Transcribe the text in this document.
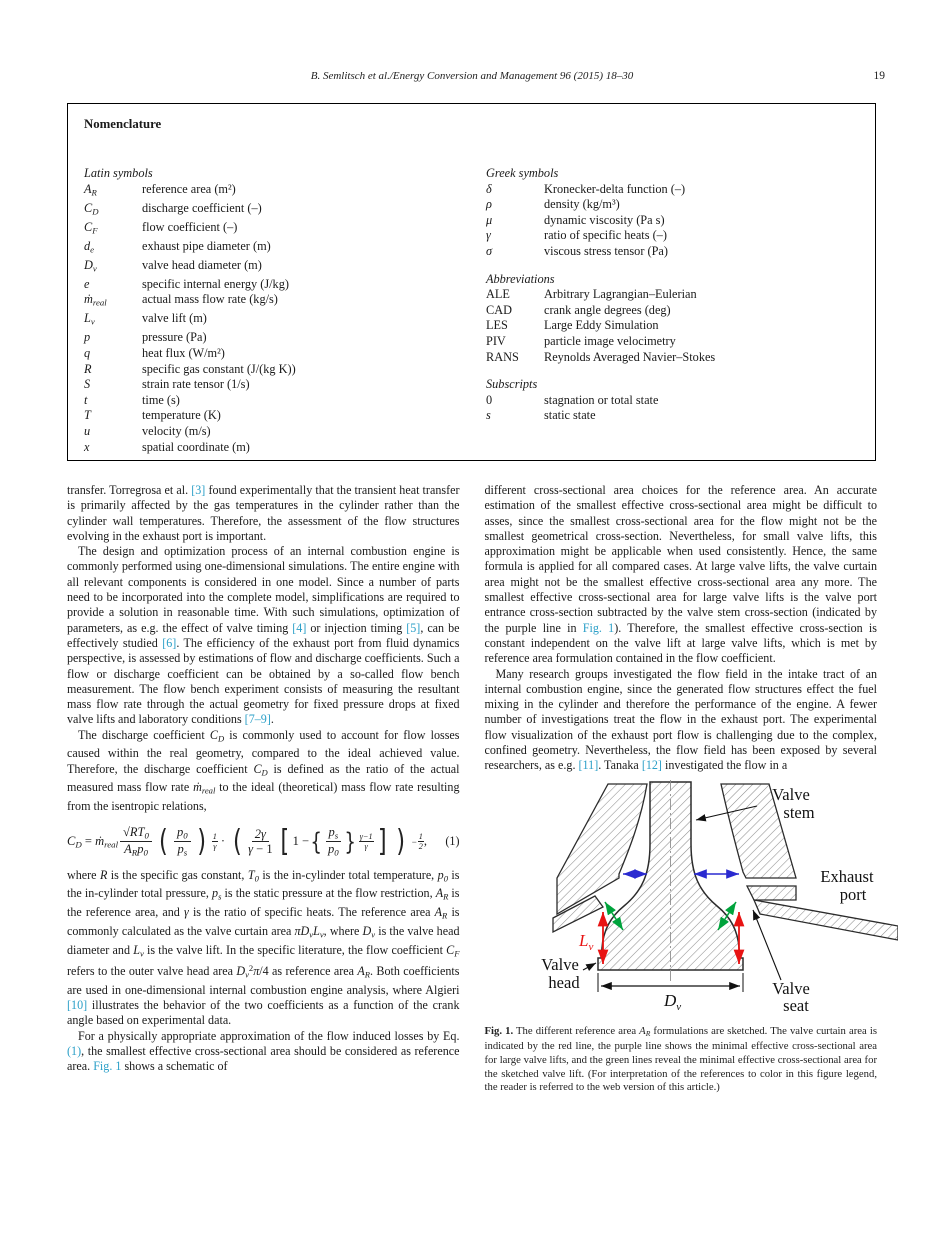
B. Semlitsch et al./Energy Conversion and Management 96 (2015) 18–30	19
Nomenclature
Latin symbols
AR	reference area (m²)
CD	discharge coefficient (–)
CF	flow coefficient (–)
de	exhaust pipe diameter (m)
Dv	valve head diameter (m)
e	specific internal energy (J/kg)
ṁreal	actual mass flow rate (kg/s)
Lv	valve lift (m)
p	pressure (Pa)
q	heat flux (W/m²)
R	specific gas constant (J/(kg K))
S	strain rate tensor (1/s)
t	time (s)
T	temperature (K)
u	velocity (m/s)
x	spatial coordinate (m)
Greek symbols
δ	Kronecker-delta function (–)
ρ	density (kg/m³)
μ	dynamic viscosity (Pa s)
γ	ratio of specific heats (–)
σ	viscous stress tensor (Pa)
Abbreviations
ALE	Arbitrary Lagrangian–Eulerian
CAD	crank angle degrees (deg)
LES	Large Eddy Simulation
PIV	particle image velocimetry
RANS	Reynolds Averaged Navier–Stokes
Subscripts
0	stagnation or total state
s	static state

transfer. Torregrosa et al. [3] found experimentally that the transient heat transfer is primarily affected by the gas temperatures in the cylinder rather than the cylinder wall temperatures. Therefore, the assessment of the flow structures evolving in the exhaust port is important.

The design and optimization process of an internal combustion engine is commonly performed using one-dimensional simulations. The entire engine with all relevant components is considered in one model. Since a number of parts need to be incorporated into the complete model, simplifications are required to provide a solution in reasonable time. With such simulations, optimization of parameters, as e.g. the effect of valve timing [4] or injection timing [5], can be effectively studied [6]. The efficiency of the exhaust port from fluid dynamics perspective, is assessed by estimations of flow and discharge coefficients. Such a flow or discharge coefficient can be obtained by a so-called flow bench measurement. The flow bench experiment consists of measuring the resultant mass flow rate through the actual geometry for fixed pressure drops at fixed valve lifts and laboratory conditions [7–9].

The discharge coefficient CD is commonly used to account for flow losses caused within the real geometry, compared to the ideal achieved value. Therefore, the discharge coefficient CD is defined as the ratio of the actual measured mass flow rate ṁreal to the ideal (theoretical) mass flow rate resulting from the isentropic relations,

CD = ṁreal $\frac{√RT0}{\text{ARp0}}$ ( $\frac{p0}{ps}$ ) 1
γ · ( $\frac{2\gamma}{\gamma - 1}$ [ 1 − { $\frac{ps}{p0}$ } γ−1
γ ] ) − $\frac{1}{2}$ , (1)

where R is the specific gas constant, T0 is the in-cylinder total temperature, p0 is the in-cylinder total pressure, ps is the static pressure at the flow restriction, AR is the reference area, and γ is the ratio of specific heats. The reference area AR is commonly calculated as the valve curtain area πDvLv, where Dv is the valve head diameter and Lv is the valve lift. In the specific literature, the flow coefficient CF refers to the outer valve head area Dv$^2$π/4 as reference area AR. Both coefficients are used in one-dimensional internal combustion engine analysis, where Algieri [10] illustrates the behavior of the two coefficients as a function of the crank angle based on experimental data.

For a physically appropriate approximation of the flow induced losses by Eq. (1), the smallest effective cross-sectional area should be considered as reference area. Fig. 1 shows a schematic of

different cross-sectional area choices for the reference area. An accurate estimation of the smallest effective cross-sectional area might be difficult to asses, since the smallest cross-sectional area for the flow might not be the smallest geometrical cross-section. Nevertheless, for small valve lifts, this approximation might be applicable when used consistently. Hence, the same formula is applied for all compared cases. At large valve lifts, the valve curtain area might not be the smallest effective cross-sectional area any more. The smallest effective cross-sectional area for large valve lifts is the valve port entrance cross-section subtracted by the valve stem cross-section (indicated by the purple line in Fig. 1). Therefore, the smallest effective cross-section is constant independent on the valve lift at large valve lifts, which is met by reference area formulation contained in the flow coefficient.

Many research groups investigated the flow field in the intake tract of an internal combustion engine, since the generated flow structures effect the fuel mixing in the cylinder and therefore the performance of the engine. A fewer number of investigations treat the flow in the exhaust port. The experimental flow visualization of the exhaust port flow is challenging due to the complex, confined geometry. Nevertheless, the flow field has been exposed by several researchers, as e.g. [11]. Tanaka [12] investigated the flow in a

Valve
stem
Exhaust
port
Valve
head	Valve
seat
$L_v$
$D_v$
Fig. 1. The different reference area AR formulations are sketched. The valve curtain area is indicated by the red line, the purple line shows the minimal effective cross-sectional area for large valve lifts, and the green lines reveal the minimal effective cross-sectional area for the sketched valve lift. (For interpretation of the references to color in this figure legend, the reader is referred to the web version of this article.)
